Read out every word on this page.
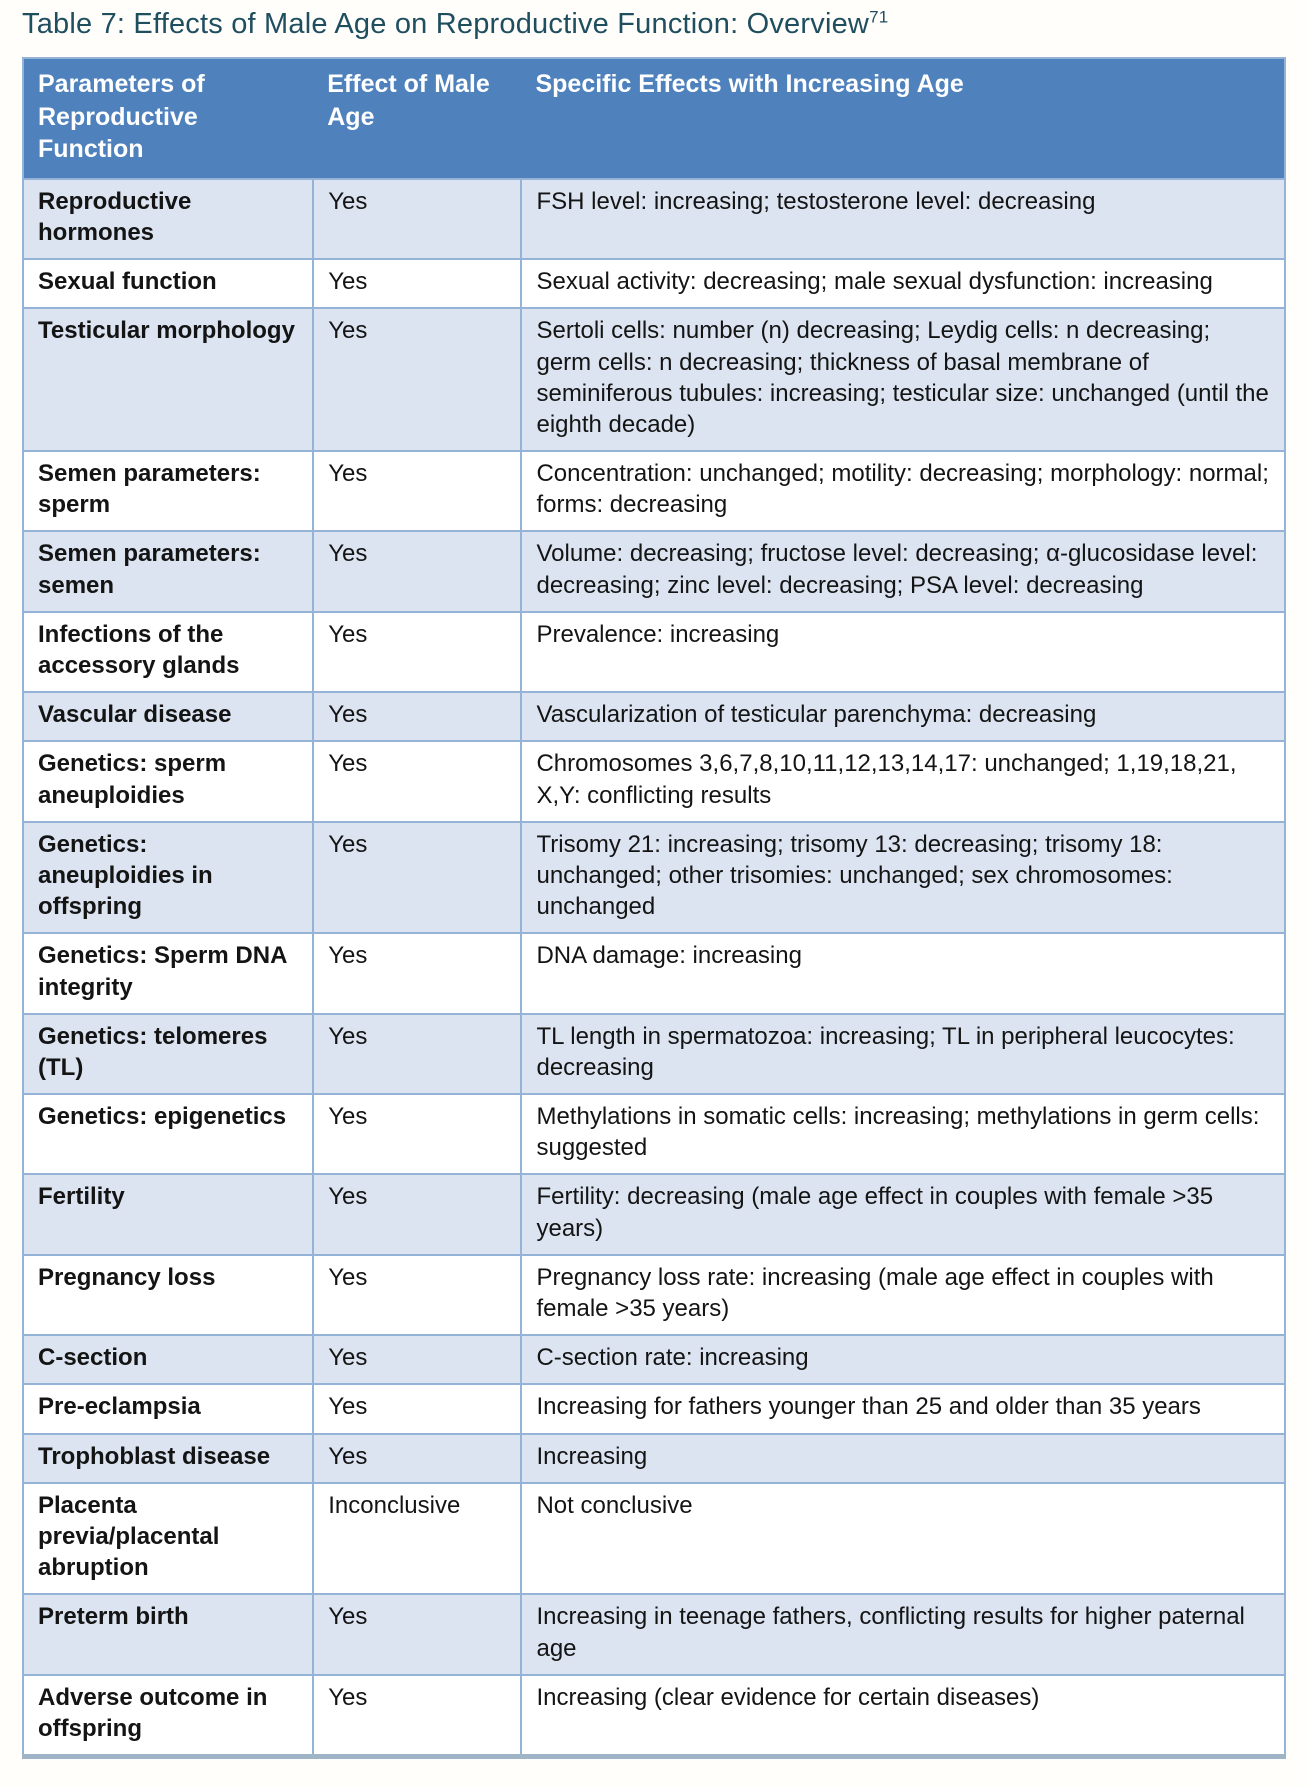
Table 7: Effects of Male Age on Reproductive Function: Overview$^{71}$

Parameters of Reproductive Function	Effect of Male Age	Specific Effects with Increasing Age
Reproductive hormones	Yes	FSH level: increasing; testosterone level: decreasing
Sexual function	Yes	Sexual activity: decreasing; male sexual dysfunction: increasing
Testicular morphology	Yes	Sertoli cells: number (n) decreasing; Leydig cells: n decreasing; germ cells: n decreasing; thickness of basal membrane of seminiferous tubules: increasing; testicular size: unchanged (until the eighth decade)
Semen parameters: sperm	Yes	Concentration: unchanged; motility: decreasing; morphology: normal; forms: decreasing
Semen parameters: semen	Yes	Volume: decreasing; fructose level: decreasing; α-glucosidase level: decreasing; zinc level: decreasing; PSA level: decreasing
Infections of the accessory glands	Yes	Prevalence: increasing
Vascular disease	Yes	Vascularization of testicular parenchyma: decreasing
Genetics: sperm aneuploidies	Yes	Chromosomes 3,6,7,8,10,11,12,13,14,17: unchanged; 1,19,18,21, X,Y: conflicting results
Genetics: aneuploidies in offspring	Yes	Trisomy 21: increasing; trisomy 13: decreasing; trisomy 18: unchanged; other trisomies: unchanged; sex chromosomes: unchanged
Genetics: Sperm DNA integrity	Yes	DNA damage: increasing
Genetics: telomeres (TL)	Yes	TL length in spermatozoa: increasing; TL in peripheral leucocytes: decreasing
Genetics: epigenetics	Yes	Methylations in somatic cells: increasing; methylations in germ cells: suggested
Fertility	Yes	Fertility: decreasing (male age effect in couples with female >35 years)
Pregnancy loss	Yes	Pregnancy loss rate: increasing (male age effect in couples with female >35 years)
C-section	Yes	C-section rate: increasing
Pre-eclampsia	Yes	Increasing for fathers younger than 25 and older than 35 years
Trophoblast disease	Yes	Increasing
Placenta previa/placental abruption	Inconclusive	Not conclusive
Preterm birth	Yes	Increasing in teenage fathers, conflicting results for higher paternal age
Adverse outcome in offspring	Yes	Increasing (clear evidence for certain diseases)
